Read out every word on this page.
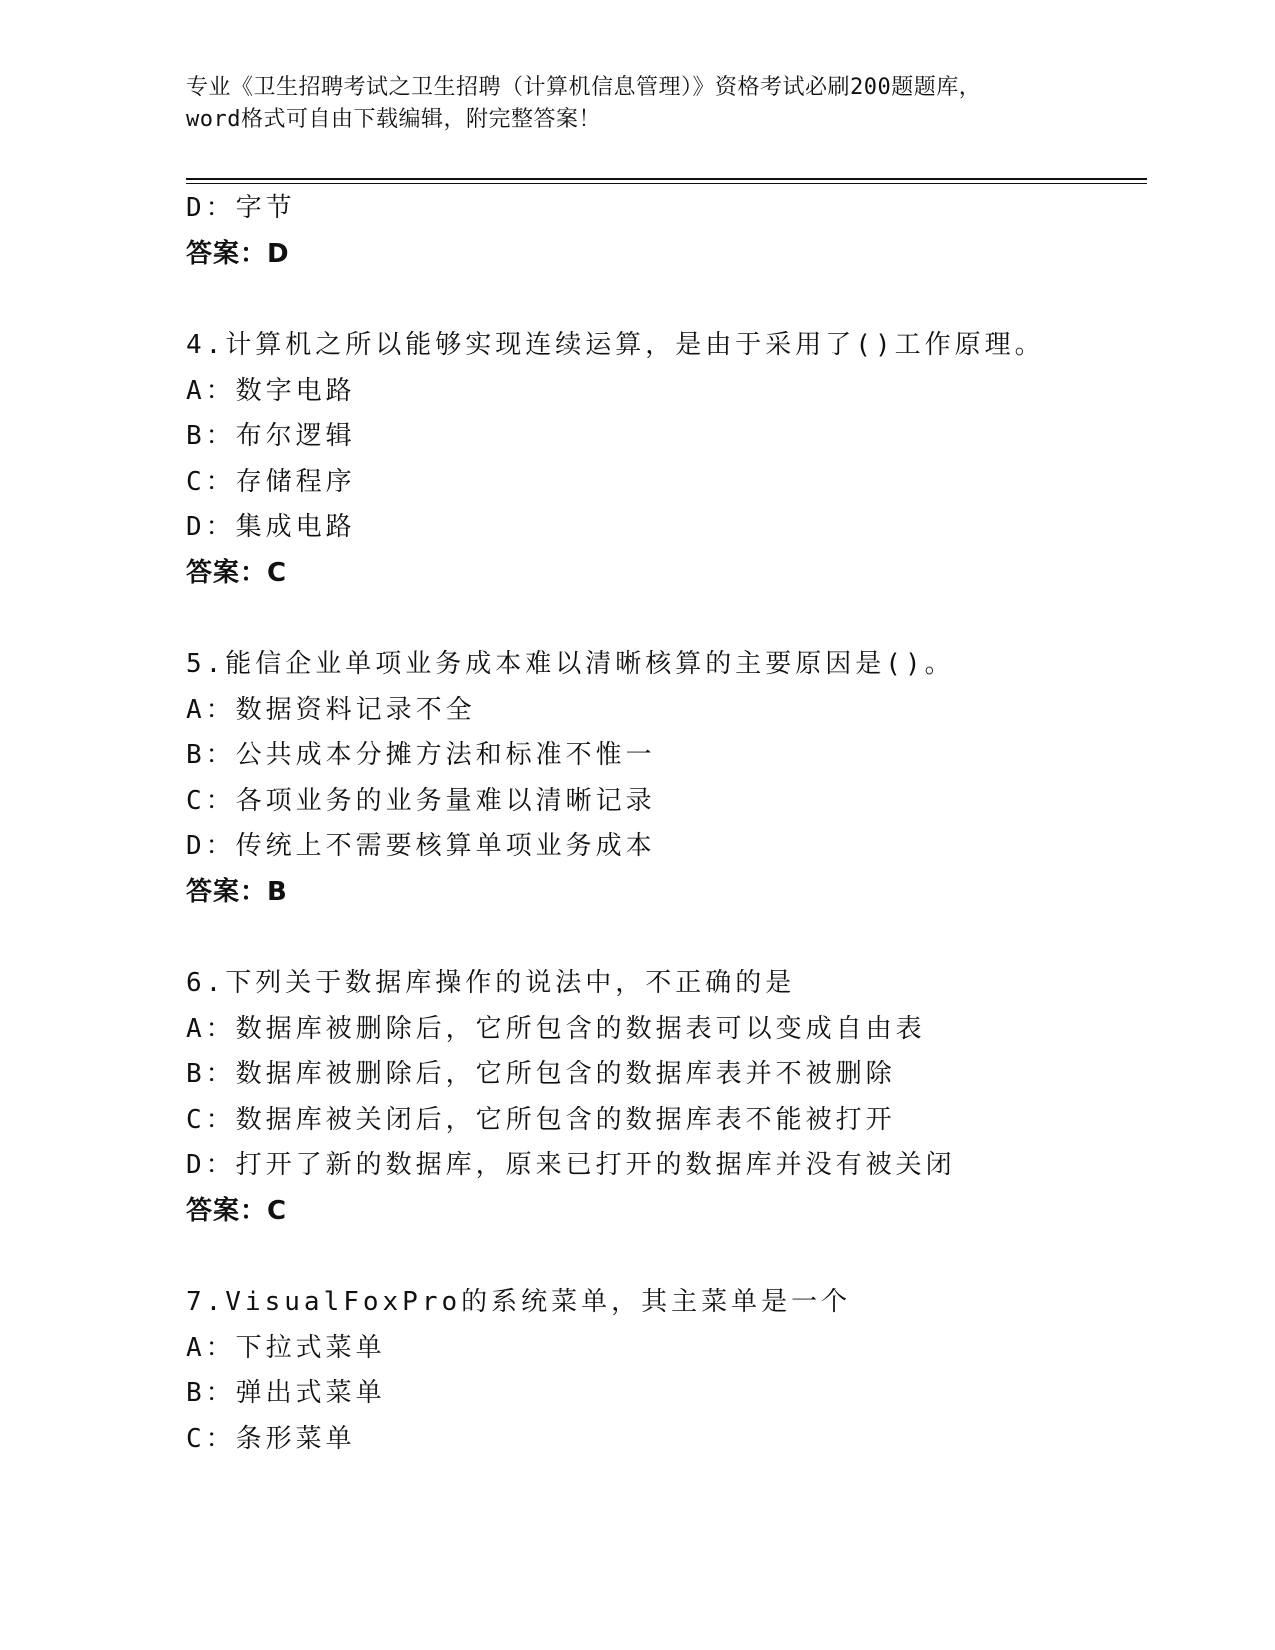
专业《卫生招聘考试之卫生招聘（计算机信息管理）》资格考试必刷200题题库，
word格式可自由下载编辑，附完整答案！
D：字节
答案：D
4.计算机之所以能够实现连续运算，是由于采用了()工作原理。
A：数字电路
B：布尔逻辑
C：存储程序
D：集成电路
答案：C
5.能信企业单项业务成本难以清晰核算的主要原因是()。
A：数据资料记录不全
B：公共成本分摊方法和标准不惟一
C：各项业务的业务量难以清晰记录
D：传统上不需要核算单项业务成本
答案：B
6.下列关于数据库操作的说法中，不正确的是
A：数据库被删除后，它所包含的数据表可以变成自由表
B：数据库被删除后，它所包含的数据库表并不被删除
C：数据库被关闭后，它所包含的数据库表不能被打开
D：打开了新的数据库，原来已打开的数据库并没有被关闭
答案：C
7.VisualFoxPro的系统菜单，其主菜单是一个
A：下拉式菜单
B：弹出式菜单
C：条形菜单
